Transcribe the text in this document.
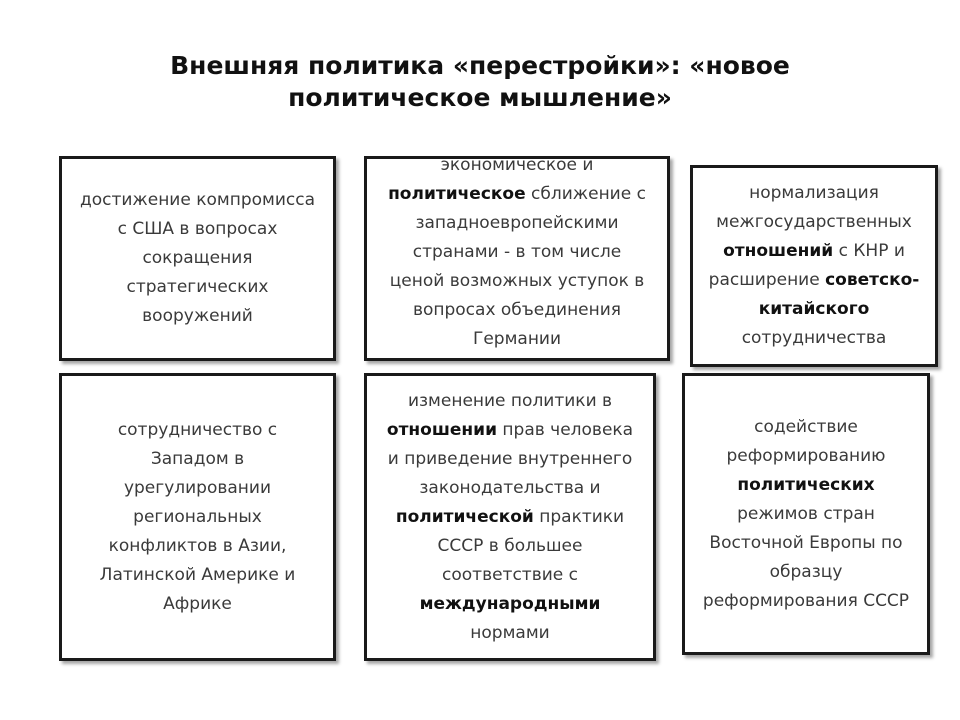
Внешняя политика «перестройки»: «новое
политическое мышление»

достижение компромисса
с США в вопросах
сокращения
стратегических
вооружений

экономическое и
политическое сближение с
западноевропейскими
странами - в том числе
ценой возможных уступок в
вопросах объединения
Германии

нормализация
межгосударственных
отношений с КНР и
расширение советско-
китайского
сотрудничества

сотрудничество с
Западом в
урегулировании
региональных
конфликтов в Азии,
Латинской Америке и
Африке

изменение политики в
отношении прав человека
и приведение внутреннего
законодательства и
политической практики
СССР в большее
соответствие с
международными
нормами

содействие
реформированию
политических
режимов стран
Восточной Европы по
образцу
реформирования СССР
